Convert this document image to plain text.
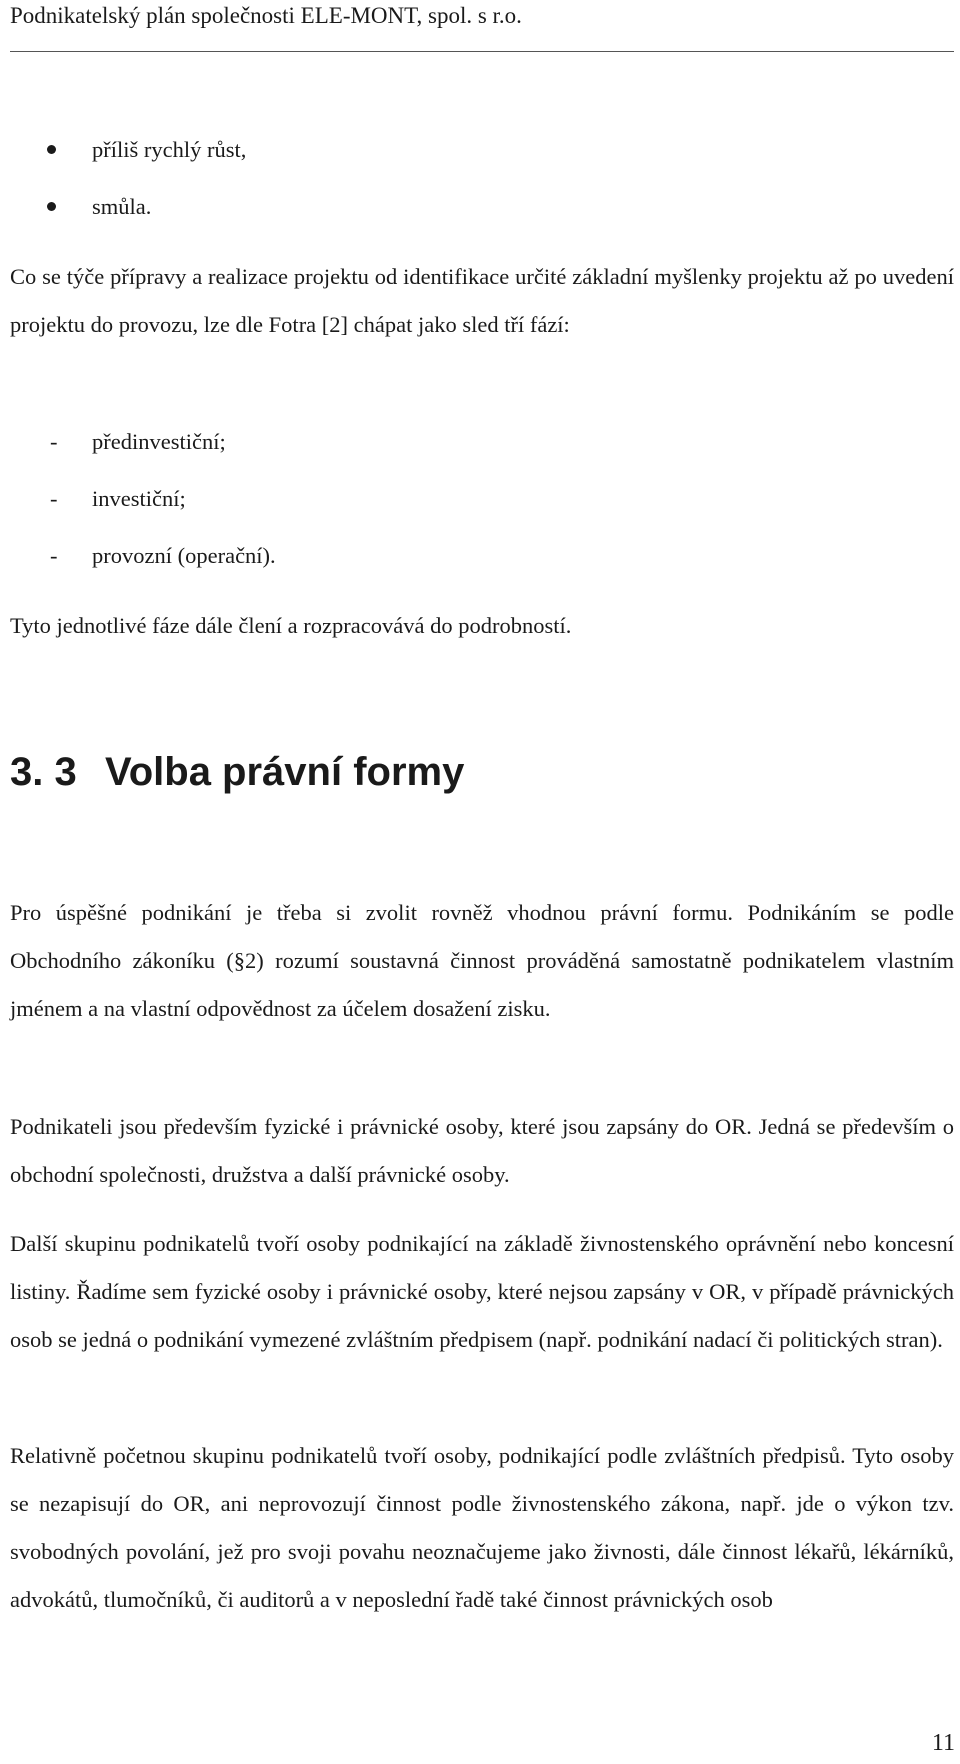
Podnikatelský plán společnosti ELE-MONT, spol. s r.o.
příliš rychlý růst,
smůla.
Co se týče přípravy a realizace projektu od identifikace určité základní myšlenky projektu až po uvedení projektu do provozu, lze dle Fotra [2] chápat jako sled tří fází:
- předinvestiční;
- investiční;
- provozní (operační).
Tyto jednotlivé fáze dále člení a rozpracovává do podrobností.
3. 3 Volba právní formy
Pro úspěšné podnikání je třeba si zvolit rovněž vhodnou právní formu. Podnikáním se podle Obchodního zákoníku (§2) rozumí soustavná činnost prováděná samostatně podnikatelem vlastním jménem a na vlastní odpovědnost za účelem dosažení zisku.
Podnikateli jsou především fyzické i právnické osoby, které jsou zapsány do OR. Jedná se především o obchodní společnosti, družstva a další právnické osoby.
Další skupinu podnikatelů tvoří osoby podnikající na základě živnostenského oprávnění nebo koncesní listiny. Řadíme sem fyzické osoby i právnické osoby, které nejsou zapsány v OR, v případě právnických osob se jedná o podnikání vymezené zvláštním předpisem (např. podnikání nadací či politických stran).
Relativně početnou skupinu podnikatelů tvoří osoby, podnikající podle zvláštních předpisů. Tyto osoby se nezapisují do OR, ani neprovozují činnost podle živnostenského zákona, např. jde o výkon tzv. svobodných povolání, jež pro svoji povahu neoznačujeme jako živnosti, dále činnost lékařů, lékárníků, advokátů, tlumočníků, či auditorů a v neposlední řadě také činnost právnických osob
11
